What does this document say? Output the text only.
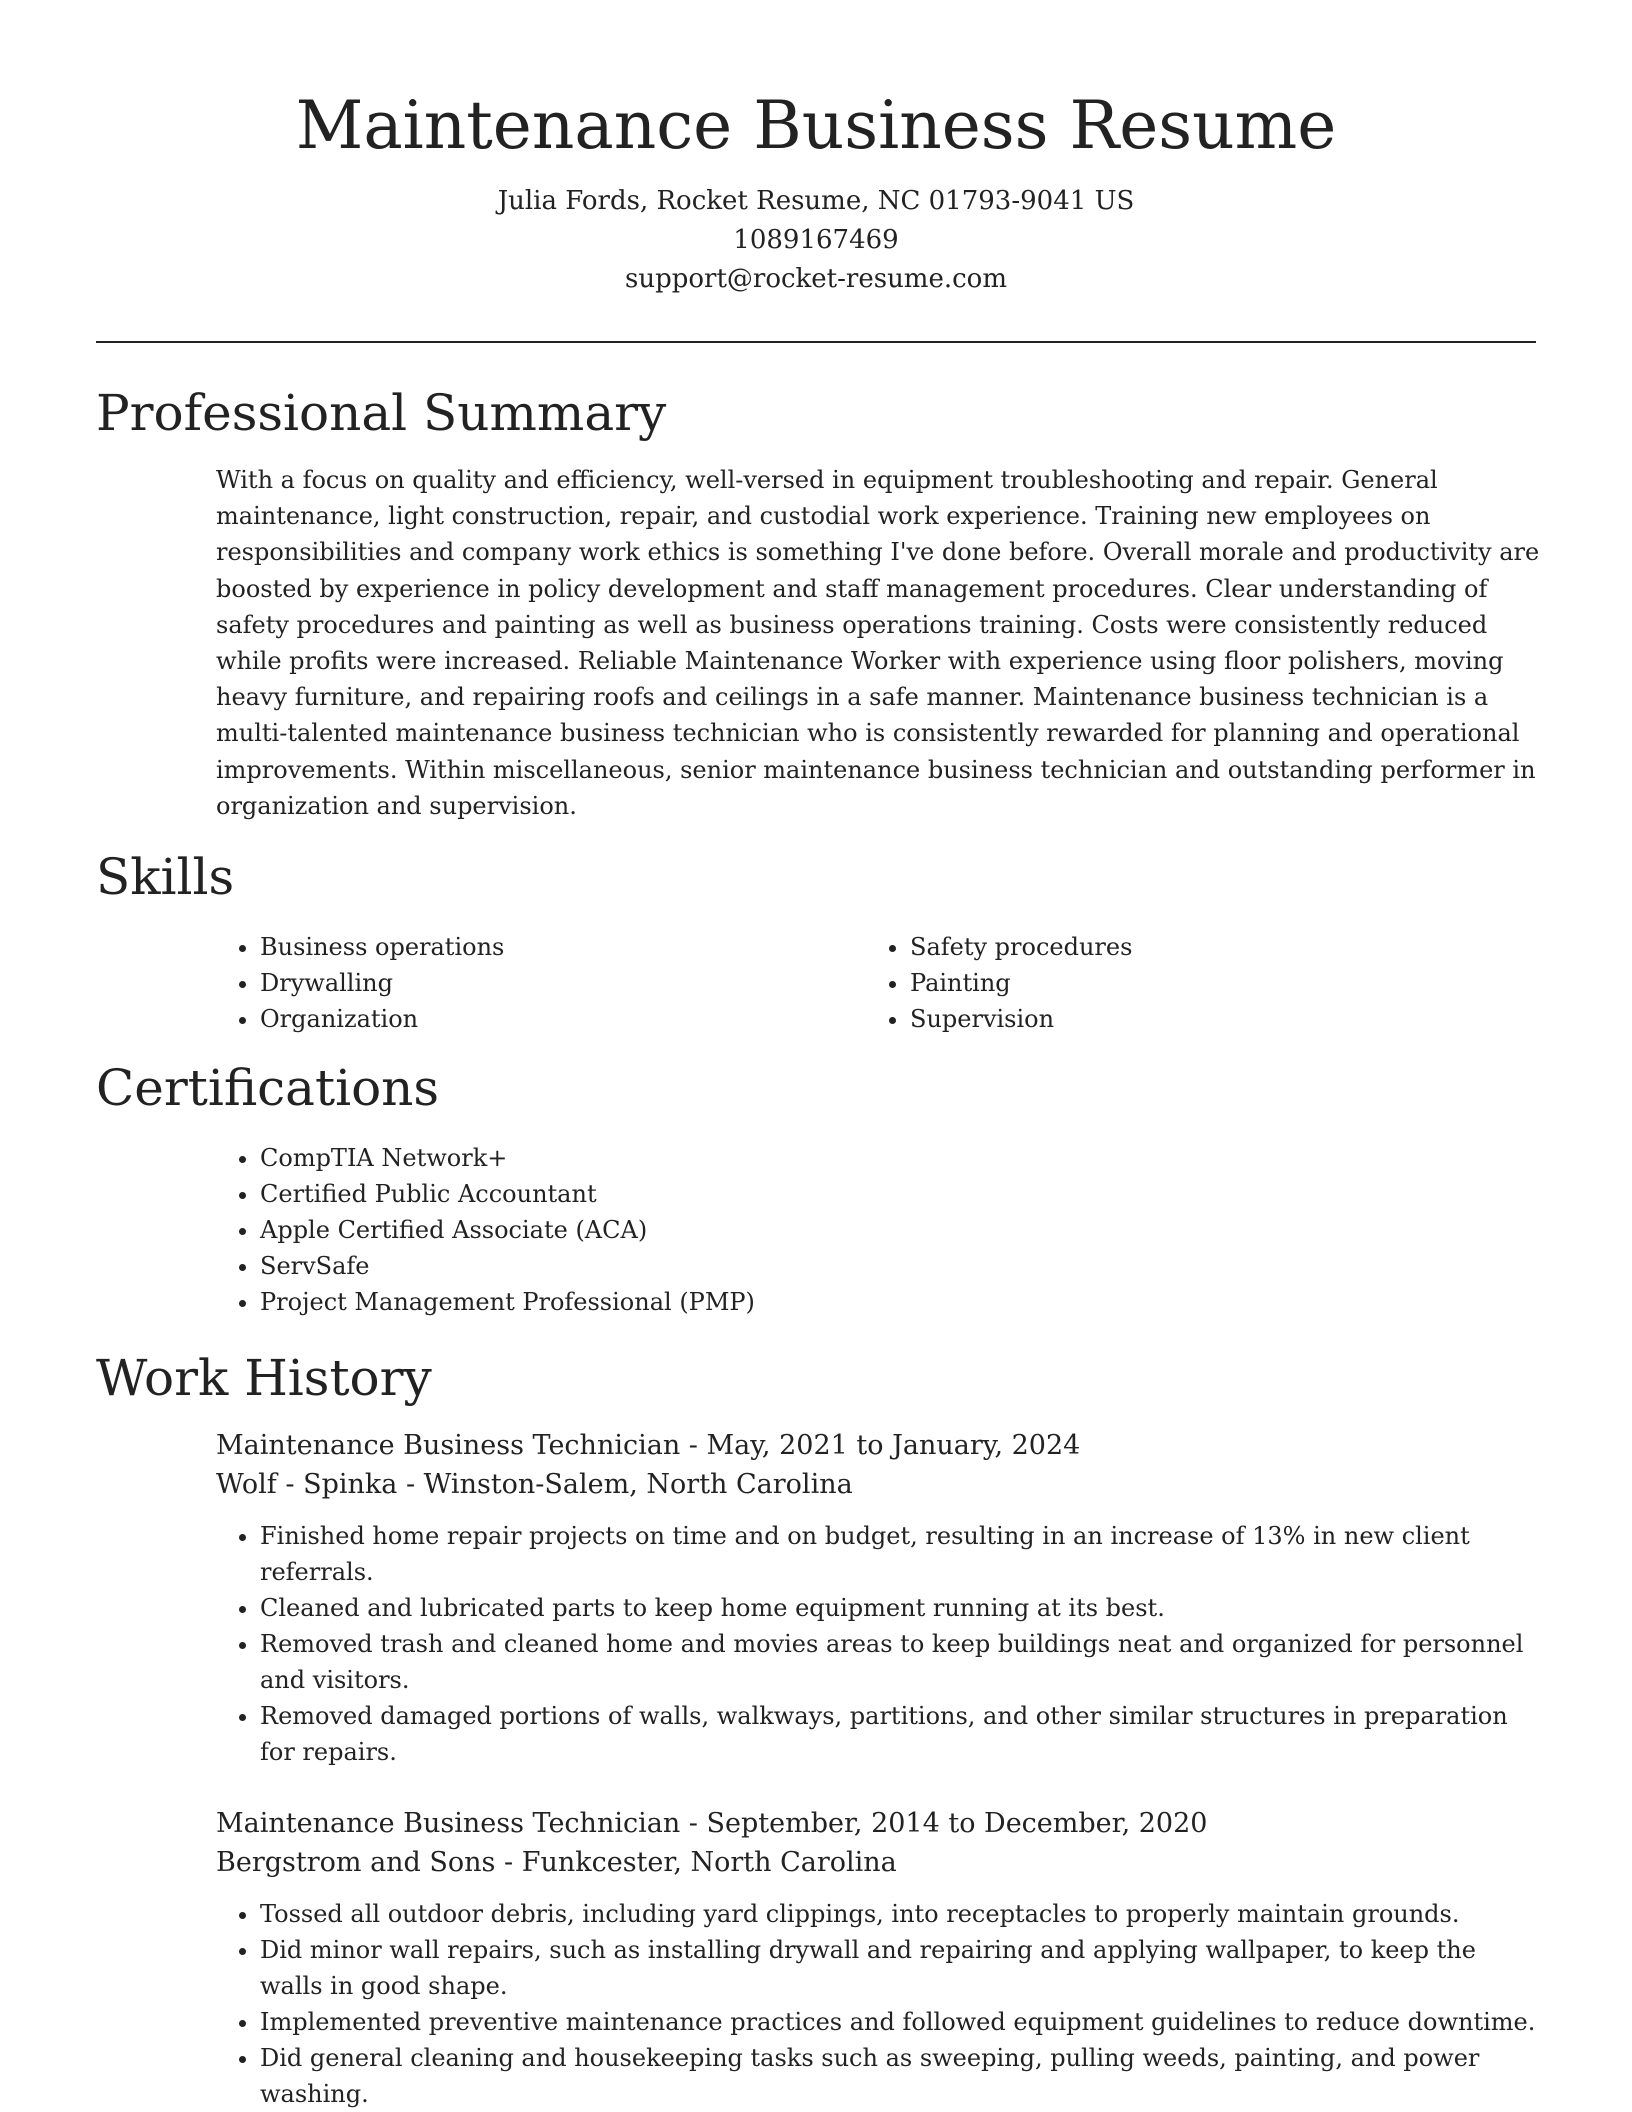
Maintenance Business Resume
Julia Fords, Rocket Resume, NC 01793-9041 US
1089167469
support@rocket-resume.com
Professional Summary

With a focus on quality and efficiency, well-versed in equipment troubleshooting and repair. General maintenance, light construction, repair, and custodial work experience. Training new employees on responsibilities and company work ethics is something I've done before. Overall morale and productivity are boosted by experience in policy development and staff management procedures. Clear understanding of safety procedures and painting as well as business operations training. Costs were consistently reduced while profits were increased. Reliable Maintenance Worker with experience using floor polishers, moving heavy furniture, and repairing roofs and ceilings in a safe manner. Maintenance business technician is a multi-talented maintenance business technician who is consistently rewarded for planning and operational improvements. Within miscellaneous, senior maintenance business technician and outstanding performer in organization and supervision.

Skills
• Business operations
• Drywalling
• Organization
• Safety procedures
• Painting
• Supervision
Certifications
• CompTIA Network+
• Certified Public Accountant
• Apple Certified Associate (ACA)
• ServSafe
• Project Management Professional (PMP)
Work History
Maintenance Business Technician - May, 2021 to January, 2024
Wolf - Spinka - Winston-Salem, North Carolina
• Finished home repair projects on time and on budget, resulting in an increase of 13% in new client referrals.
• Cleaned and lubricated parts to keep home equipment running at its best.
• Removed trash and cleaned home and movies areas to keep buildings neat and organized for personnel and visitors.
• Removed damaged portions of walls, walkways, partitions, and other similar structures in preparation for repairs.
Maintenance Business Technician - September, 2014 to December, 2020
Bergstrom and Sons - Funkcester, North Carolina
• Tossed all outdoor debris, including yard clippings, into receptacles to properly maintain grounds.
• Did minor wall repairs, such as installing drywall and repairing and applying wallpaper, to keep the walls in good shape.
• Implemented preventive maintenance practices and followed equipment guidelines to reduce downtime.
• Did general cleaning and housekeeping tasks such as sweeping, pulling weeds, painting, and power washing.
